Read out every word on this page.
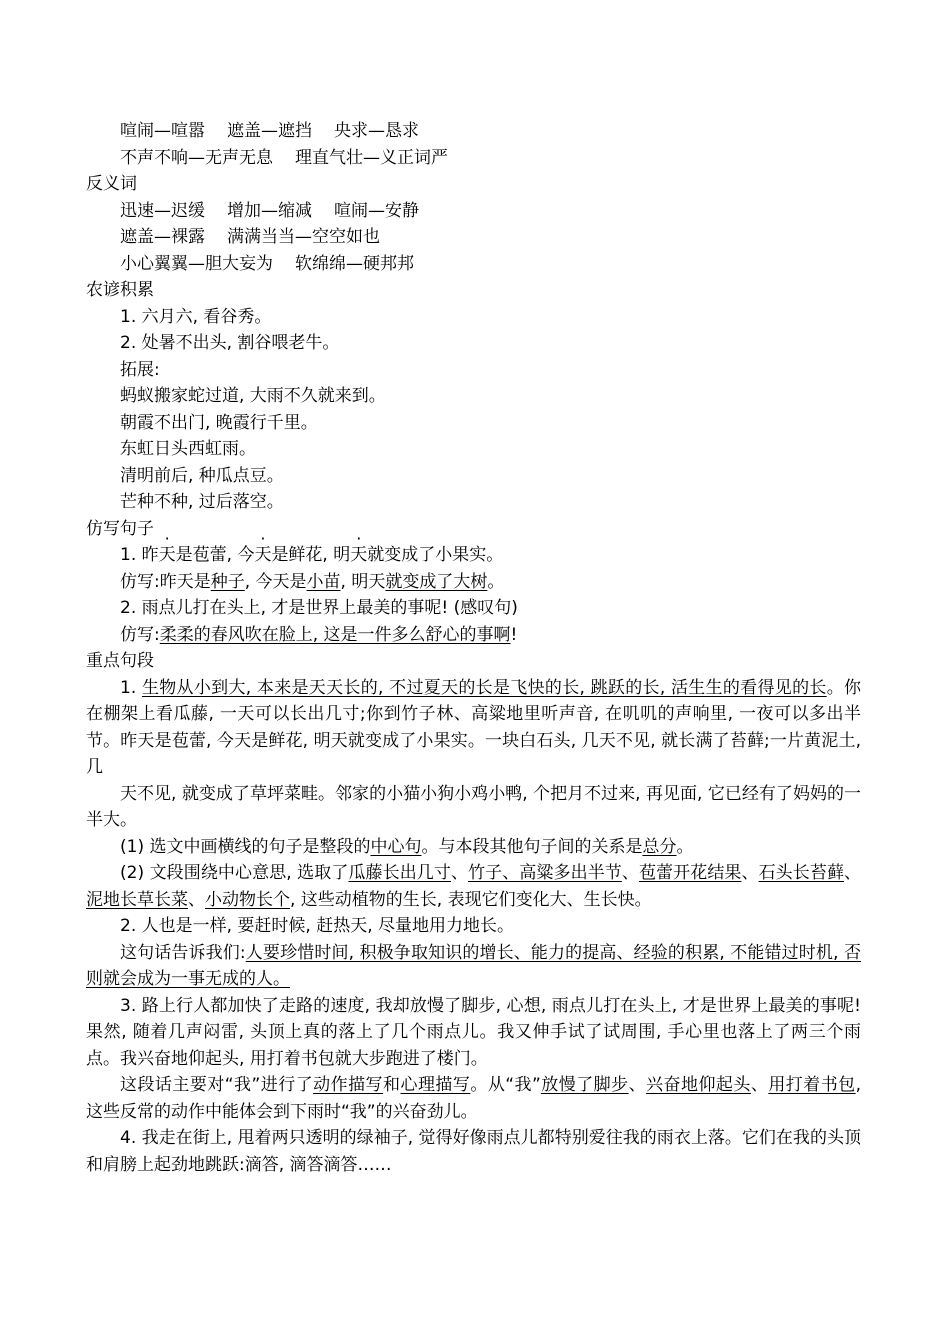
喧闹—喧嚣 遮盖—遮挡 央求—恳求
不声不响—无声无息 理直气壮—义正词严
反义词
迅速—迟缓 增加—缩减 喧闹—安静
遮盖—裸露 满满当当—空空如也
小心翼翼—胆大妄为 软绵绵—硬邦邦
农谚积累
1. 六月六, 看谷秀。
2. 处暑不出头, 割谷喂老牛。
拓展:
蚂蚁搬家蛇过道, 大雨不久就来到。
朝霞不出门, 晚霞行千里。
东虹日头西虹雨。
清明前后, 种瓜点豆。
芒种不种, 过后落空。
仿写句子
1. 昨天是苞蕾, 今天是鲜花, 明天就变成了小果实。
仿写:昨天是种子, 今天是小苗, 明天就变成了大树。
2. 雨点儿打在头上, 才是世界上最美的事呢! (感叹句)
仿写:柔柔的春风吹在脸上, 这是一件多么舒心的事啊!
重点句段
1. 生物从小到大, 本来是天天长的, 不过夏天的长是飞快的长, 跳跃的长, 活生生的看得见的长。你在棚架上看瓜藤, 一天可以长出几寸;你到竹子林、高粱地里听声音, 在叽叽的声响里, 一夜可以多出半节。昨天是苞蕾, 今天是鲜花, 明天就变成了小果实。一块白石头, 几天不见, 就长满了苔藓;一片黄泥土, 几
天不见, 就变成了草坪菜畦。邻家的小猫小狗小鸡小鸭, 个把月不过来, 再见面, 它已经有了妈妈的一半大。
(1) 选文中画横线的句子是整段的中心句。与本段其他句子间的关系是总分。
(2) 文段围绕中心意思, 选取了瓜藤长出几寸、竹子、高粱多出半节、苞蕾开花结果、石头长苔藓、泥地长草长菜、小动物长个, 这些动植物的生长, 表现它们变化大、生长快。
2. 人也是一样, 要赶时候, 赶热天, 尽量地用力地长。
这句话告诉我们:人要珍惜时间, 积极争取知识的增长、能力的提高、经验的积累, 不能错过时机, 否则就会成为一事无成的人。
3. 路上行人都加快了走路的速度, 我却放慢了脚步, 心想, 雨点儿打在头上, 才是世界上最美的事呢!果然, 随着几声闷雷, 头顶上真的落上了几个雨点儿。我又伸手试了试周围, 手心里也落上了两三个雨点。我兴奋地仰起头, 用打着书包就大步跑进了楼门。
这段话主要对“我”进行了动作描写和心理描写。从“我”放慢了脚步、兴奋地仰起头、用打着书包, 这些反常的动作中能体会到下雨时“我”的兴奋劲儿。
4. 我走在街上, 甩着两只透明的绿袖子, 觉得好像雨点儿都特别爱往我的雨衣上落。它们在我的头顶和肩膀上起劲地跳跃:滴答, 滴答滴答……
